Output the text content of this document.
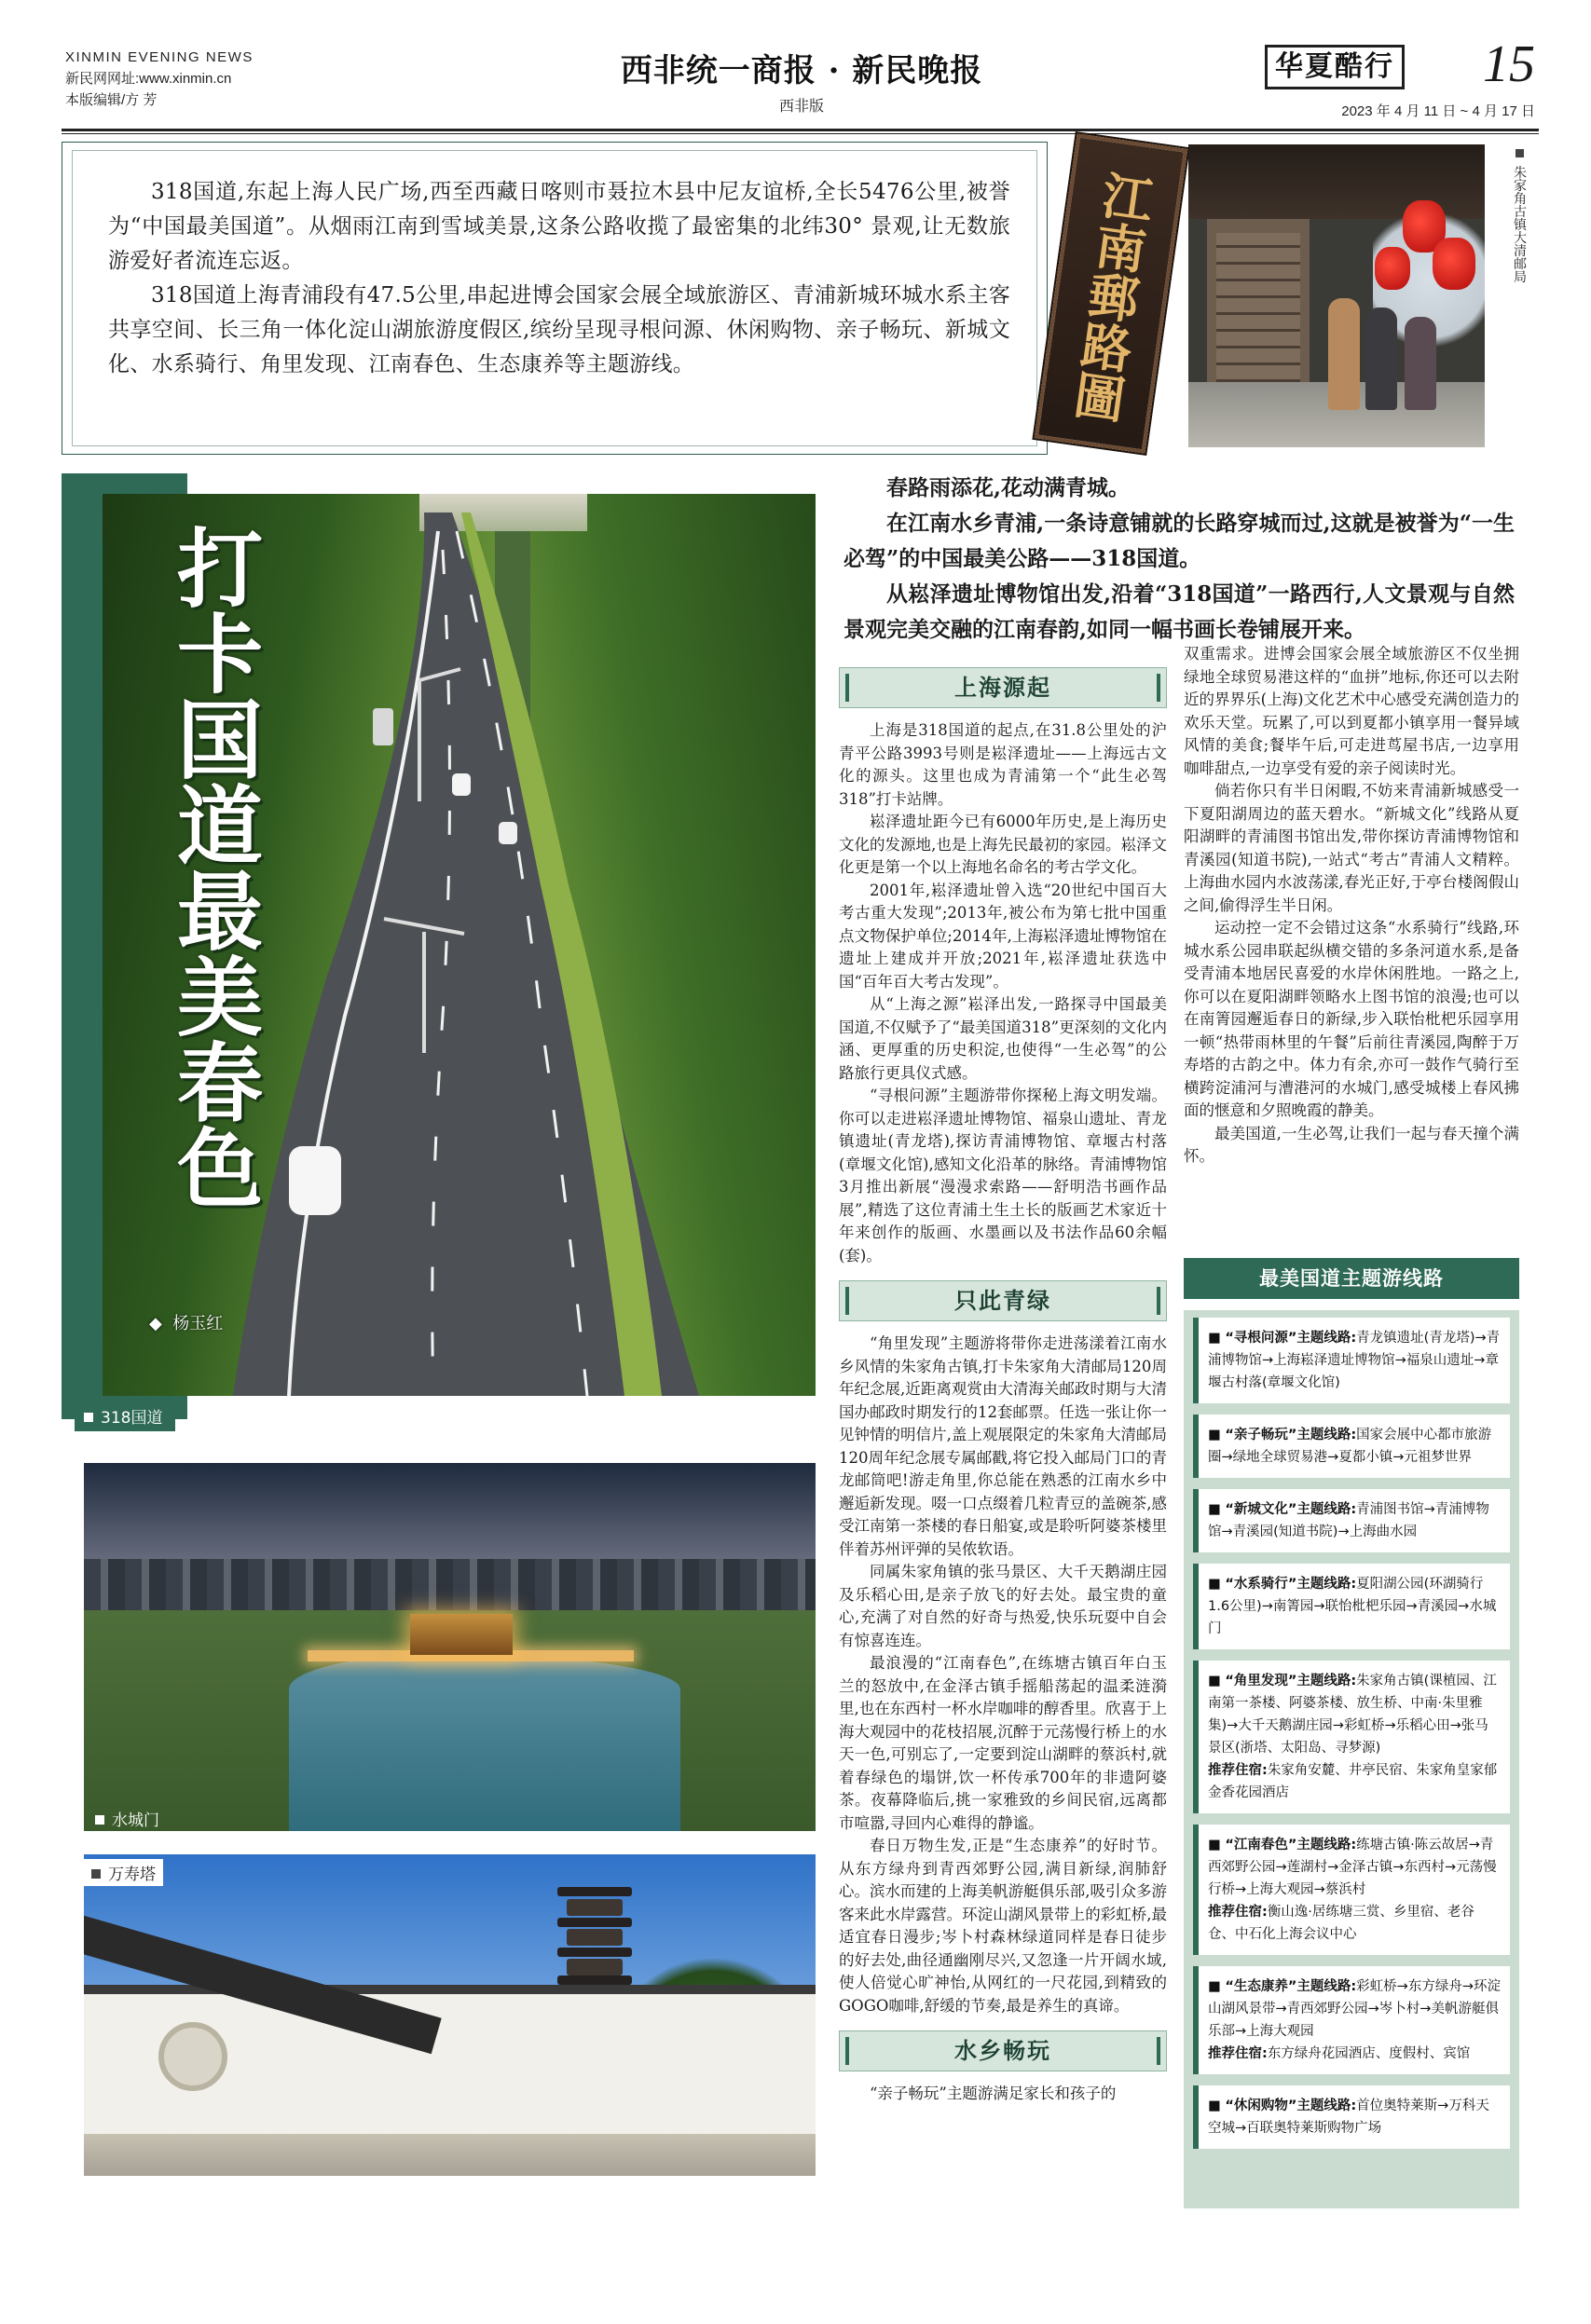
XINMIN EVENING NEWS
新民网网址:www.xinmin.cn
本版编辑/方 芳
西非统一商报 · 新民晚报
西非版
华夏酷行 15
2023 年 4 月 11 日 ~ 4 月 17 日

318国道,东起上海人民广场,西至西藏日喀则市聂拉木县中尼友谊桥,全长5476公里,被誉为“中国最美国道”。从烟雨江南到雪域美景,这条公路收揽了最密集的北纬30° 景观,让无数旅游爱好者流连忘返。

318国道上海青浦段有47.5公里,串起进博会国家会展全域旅游区、青浦新城环城水系主客共享空间、长三角一体化淀山湖旅游度假区,缤纷呈现寻根问源、休闲购物、亲子畅玩、新城文化、水系骑行、角里发现、江南春色、生态康养等主题游线。	江南郵路圖	朱家角古镇大清邮局
打卡国道最美春色
◆  杨玉红
318国道
水城门
万寿塔

春路雨添花,花动满青城。

在江南水乡青浦,一条诗意铺就的长路穿城而过,这就是被誉为“一生必驾”的中国最美公路——318国道。

从崧泽遗址博物馆出发,沿着“318国道”一路西行,人文景观与自然景观完美交融的江南春韵,如同一幅书画长卷铺展开来。

上海源起

上海是318国道的起点,在31.8公里处的沪青平公路3993号则是崧泽遗址——上海远古文化的源头。这里也成为青浦第一个“此生必驾318”打卡站牌。

崧泽遗址距今已有6000年历史,是上海历史文化的发源地,也是上海先民最初的家园。崧泽文化更是第一个以上海地名命名的考古学文化。

2001年,崧泽遗址曾入选“20世纪中国百大考古重大发现”;2013年,被公布为第七批中国重点文物保护单位;2014年,上海崧泽遗址博物馆在遗址上建成并开放;2021年,崧泽遗址获选中国“百年百大考古发现”。

从“上海之源”崧泽出发,一路探寻中国最美国道,不仅赋予了“最美国道318”更深刻的文化内涵、更厚重的历史积淀,也使得“一生必驾”的公路旅行更具仪式感。

“寻根问源”主题游带你探秘上海文明发端。你可以走进崧泽遗址博物馆、福泉山遗址、青龙镇遗址(青龙塔),探访青浦博物馆、章堰古村落(章堰文化馆),感知文化沿革的脉络。青浦博物馆3月推出新展“漫漫求索路——舒明浩书画作品展”,精选了这位青浦土生土长的版画艺术家近十年来创作的版画、水墨画以及书法作品60余幅(套)。

只此青绿

“角里发现”主题游将带你走进荡漾着江南水乡风情的朱家角古镇,打卡朱家角大清邮局120周年纪念展,近距离观赏由大清海关邮政时期与大清国办邮政时期发行的12套邮票。任选一张让你一见钟情的明信片,盖上观展限定的朱家角大清邮局120周年纪念展专属邮戳,将它投入邮局门口的青龙邮筒吧!游走角里,你总能在熟悉的江南水乡中邂逅新发现。啜一口点缀着几粒青豆的盖碗茶,感受江南第一茶楼的春日船宴,或是聆听阿婆茶楼里伴着苏州评弹的吴侬软语。

同属朱家角镇的张马景区、大千天鹅湖庄园及乐稻心田,是亲子放飞的好去处。最宝贵的童心,充满了对自然的好奇与热爱,快乐玩耍中自会有惊喜连连。

最浪漫的“江南春色”,在练塘古镇百年白玉兰的怒放中,在金泽古镇手摇船荡起的温柔涟漪里,也在东西村一杯水岸咖啡的醇香里。欣喜于上海大观园中的花枝招展,沉醉于元荡慢行桥上的水天一色,可别忘了,一定要到淀山湖畔的蔡浜村,就着春绿色的塌饼,饮一杯传承700年的非遗阿婆茶。夜幕降临后,挑一家雅致的乡间民宿,远离都市喧嚣,寻回内心难得的静谧。

春日万物生发,正是“生态康养”的好时节。从东方绿舟到青西郊野公园,满目新绿,润肺舒心。滨水而建的上海美帆游艇俱乐部,吸引众多游客来此水岸露营。环淀山湖风景带上的彩虹桥,最适宜春日漫步;岑卜村森林绿道同样是春日徒步的好去处,曲径通幽刚尽兴,又忽逢一片开阔水域,使人倍觉心旷神怡,从网红的一尺花园,到精致的GOGO咖啡,舒缓的节奏,最是养生的真谛。

水乡畅玩

“亲子畅玩”主题游满足家长和孩子的

双重需求。进博会国家会展全域旅游区不仅坐拥绿地全球贸易港这样的“血拼”地标,你还可以去附近的界界乐(上海)文化艺术中心感受充满创造力的欢乐天堂。玩累了,可以到夏都小镇享用一餐异域风情的美食;餐毕午后,可走进茑屋书店,一边享用咖啡甜点,一边享受有爱的亲子阅读时光。

倘若你只有半日闲暇,不妨来青浦新城感受一下夏阳湖周边的蓝天碧水。“新城文化”线路从夏阳湖畔的青浦图书馆出发,带你探访青浦博物馆和青溪园(知道书院),一站式“考古”青浦人文精粹。上海曲水园内水波荡漾,春光正好,于亭台楼阁假山之间,偷得浮生半日闲。

运动控一定不会错过这条“水系骑行”线路,环城水系公园串联起纵横交错的多条河道水系,是备受青浦本地居民喜爱的水岸休闲胜地。一路之上,你可以在夏阳湖畔领略水上图书馆的浪漫;也可以在南箐园邂逅春日的新绿,步入联怡枇杷乐园享用一顿“热带雨林里的午餐”后前往青溪园,陶醉于万寿塔的古韵之中。体力有余,亦可一鼓作气骑行至横跨淀浦河与漕港河的水城门,感受城楼上春风拂面的惬意和夕照晚霞的静美。

最美国道,一生必驾,让我们一起与春天撞个满怀。

最美国道主题游线路
■ “寻根问源”主题线路:青龙镇遗址(青龙塔)→青浦博物馆→上海崧泽遗址博物馆→福泉山遗址→章堰古村落(章堰文化馆)
■ “亲子畅玩”主题线路:国家会展中心都市旅游圈→绿地全球贸易港→夏都小镇→元祖梦世界
■ “新城文化”主题线路:青浦图书馆→青浦博物馆→青溪园(知道书院)→上海曲水园
■ “水系骑行”主题线路:夏阳湖公园(环湖骑行1.6公里)→南箐园→联怡枇杷乐园→青溪园→水城门
■ “角里发现”主题线路:朱家角古镇(课植园、江南第一茶楼、阿婆茶楼、放生桥、中南·朱里雅集)→大千天鹅湖庄园→彩虹桥→乐稻心田→张马景区(浙塔、太阳岛、寻梦源)
推荐住宿:朱家角安麓、井亭民宿、朱家角皇家郁金香花园酒店
■ “江南春色”主题线路:练塘古镇·陈云故居→青西郊野公园→莲湖村→金泽古镇→东西村→元荡慢行桥→上海大观园→蔡浜村
推荐住宿:衡山逸·居练塘三赏、乡里宿、老谷仓、中石化上海会议中心
■ “生态康养”主题线路:彩虹桥→东方绿舟→环淀山湖风景带→青西郊野公园→岑卜村→美帆游艇俱乐部→上海大观园
推荐住宿:东方绿舟花园酒店、度假村、宾馆
■ “休闲购物”主题线路:首位奥特莱斯→万科天空城→百联奥特莱斯购物广场
